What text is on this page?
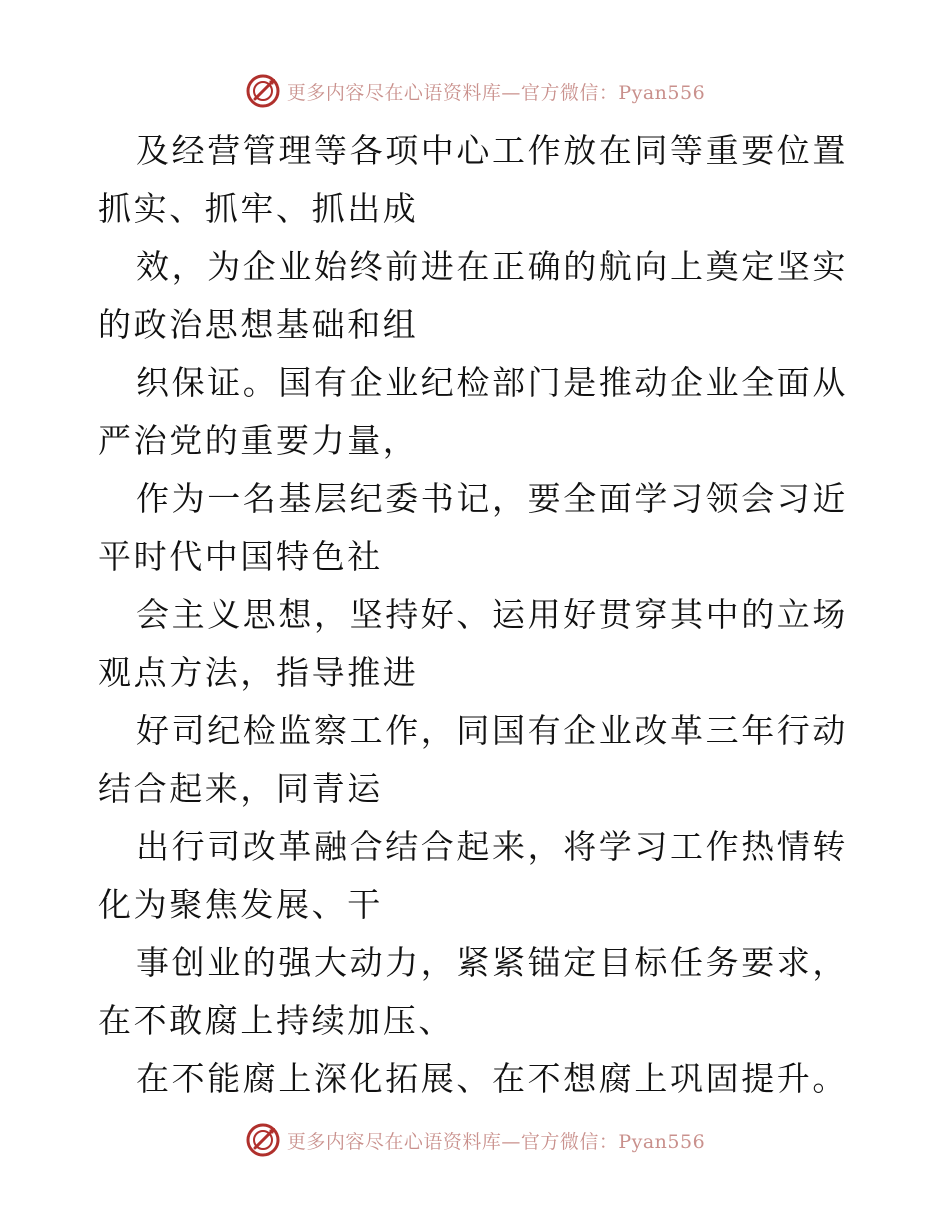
更多内容尽在心语资料库—官方微信：Pyan556

及经营管理等各项中心工作放在同等重要位置抓实、抓牢、抓出成

效，为企业始终前进在正确的航向上奠定坚实的政治思想基础和组

织保证。国有企业纪检部门是推动企业全面从严治党的重要力量，

作为一名基层纪委书记，要全面学习领会习近平时代中国特色社

会主义思想，坚持好、运用好贯穿其中的立场观点方法，指导推进

好司纪检监察工作，同国有企业改革三年行动结合起来，同青运

出行司改革融合结合起来，将学习工作热情转化为聚焦发展、干

事创业的强大动力，紧紧锚定目标任务要求，在不敢腐上持续加压、

在不能腐上深化拓展、在不想腐上巩固提升。

更多内容尽在心语资料库—官方微信：Pyan556
